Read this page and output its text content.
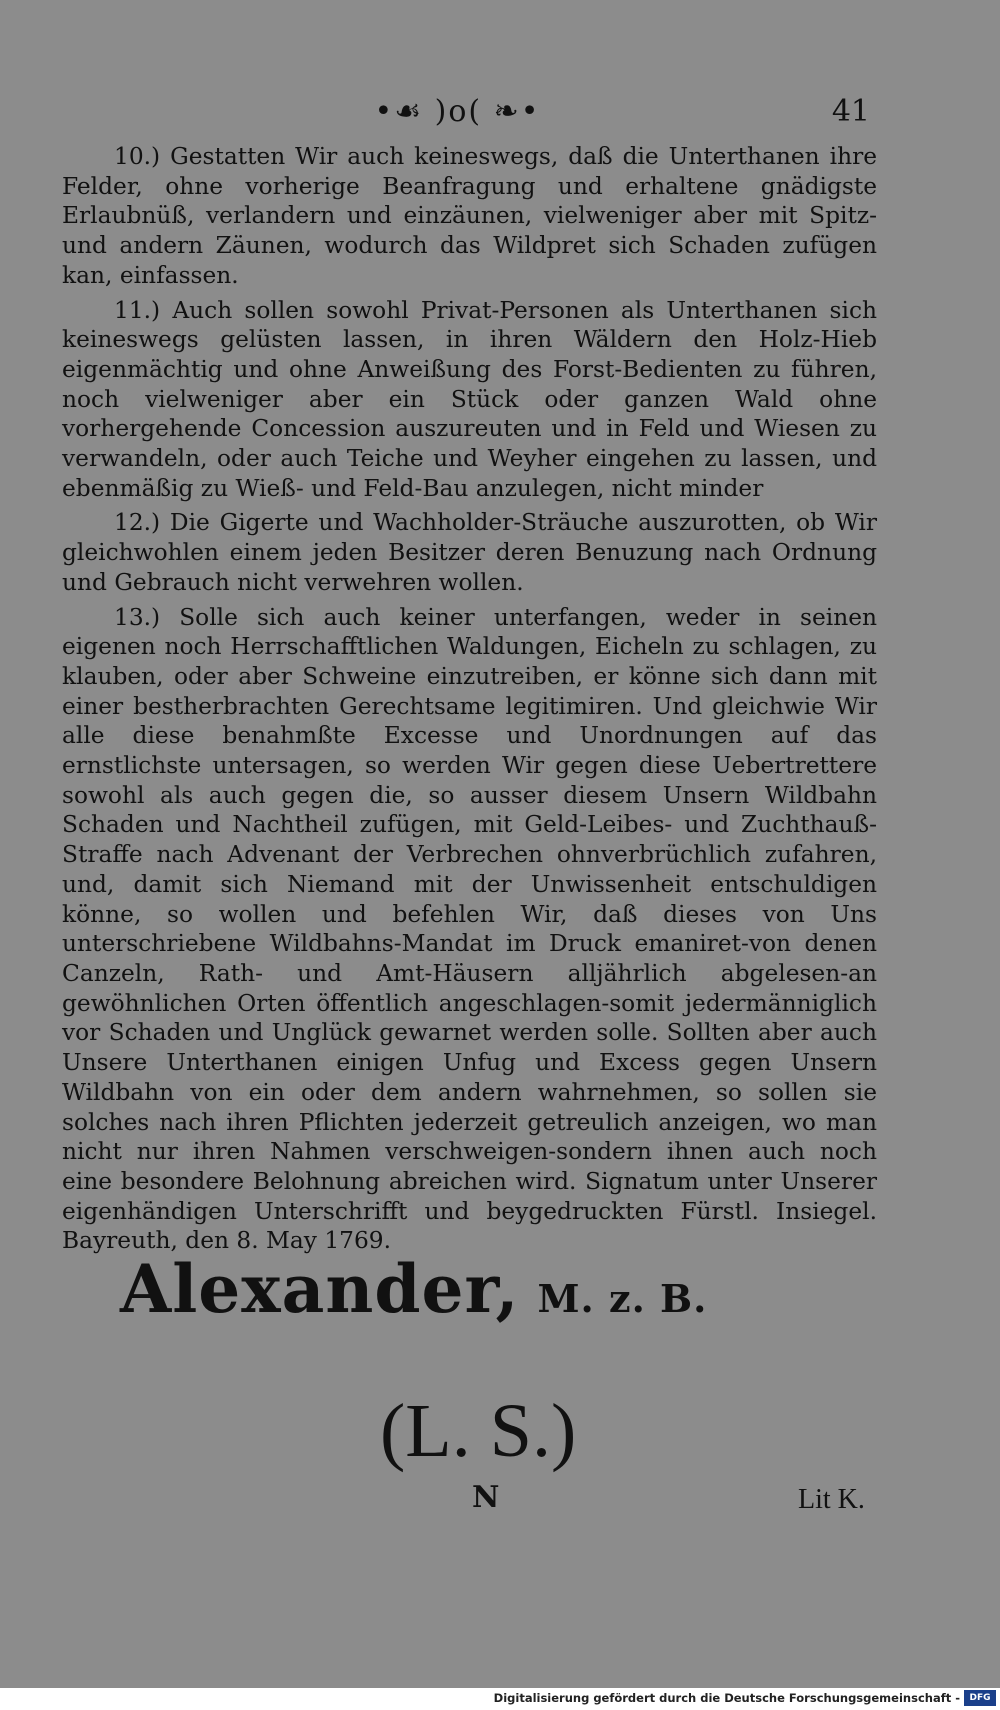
•☙ )o( ❧•	41

10.) Gestatten Wir auch keineswegs, daß die Unterthanen ihre Felder, ohne vorherige Beanfragung und erhaltene gnädigste Erlaubnüß, verlandern und einzäunen, vielweniger aber mit Spitz- und andern Zäunen, wodurch das Wildpret sich Schaden zufügen kan, einfassen.

11.) Auch sollen sowohl Privat-Personen als Unterthanen sich keineswegs gelüsten lassen, in ihren Wäldern den Holz-Hieb eigenmächtig und ohne Anweißung des Forst-Bedienten zu führen, noch vielweniger aber ein Stück oder ganzen Wald ohne vorhergehende Concession auszureuten und in Feld und Wiesen zu verwandeln, oder auch Teiche und Weyher eingehen zu lassen, und ebenmäßig zu Wieß- und Feld-Bau anzulegen, nicht minder

12.) Die Gigerte und Wachholder-Sträuche auszurotten, ob Wir gleichwohlen einem jeden Besitzer deren Benuzung nach Ordnung und Gebrauch nicht verwehren wollen.

13.) Solle sich auch keiner unterfangen, weder in seinen eigenen noch Herrschafftlichen Waldungen, Eicheln zu schlagen, zu klauben, oder aber Schweine einzutreiben, er könne sich dann mit einer bestherbrachten Gerechtsame legitimiren. Und gleichwie Wir alle diese benahmßte Excesse und Unordnungen auf das ernstlichste untersagen, so werden Wir gegen diese Uebertrettere sowohl als auch gegen die, so ausser diesem Unsern Wildbahn Schaden und Nachtheil zufügen, mit Geld-Leibes- und Zuchthauß-Straffe nach Advenant der Verbrechen ohnverbrüchlich zufahren, und, damit sich Niemand mit der Unwissenheit entschuldigen könne, so wollen und befehlen Wir, daß dieses von Uns unterschriebene Wildbahns-Mandat im Druck emaniret-von denen Canzeln, Rath- und Amt-Häusern alljährlich abgelesen-an gewöhnlichen Orten öffentlich angeschlagen-somit jedermänniglich vor Schaden und Unglück gewarnet werden solle. Sollten aber auch Unsere Unterthanen einigen Unfug und Excess gegen Unsern Wildbahn von ein oder dem andern wahrnehmen, so sollen sie solches nach ihren Pflichten jederzeit getreulich anzeigen, wo man nicht nur ihren Nahmen verschweigen-sondern ihnen auch noch eine besondere Belohnung abreichen wird. Signatum unter Unserer eigenhändigen Unterschrifft und beygedruckten Fürstl. Insiegel. Bayreuth, den 8. May 1769.

Alexander, M. z. B.
(L. S.)
N	Lit K.
Digitalisierung gefördert durch die Deutsche Forschungsgemeinschaft -	DFG
